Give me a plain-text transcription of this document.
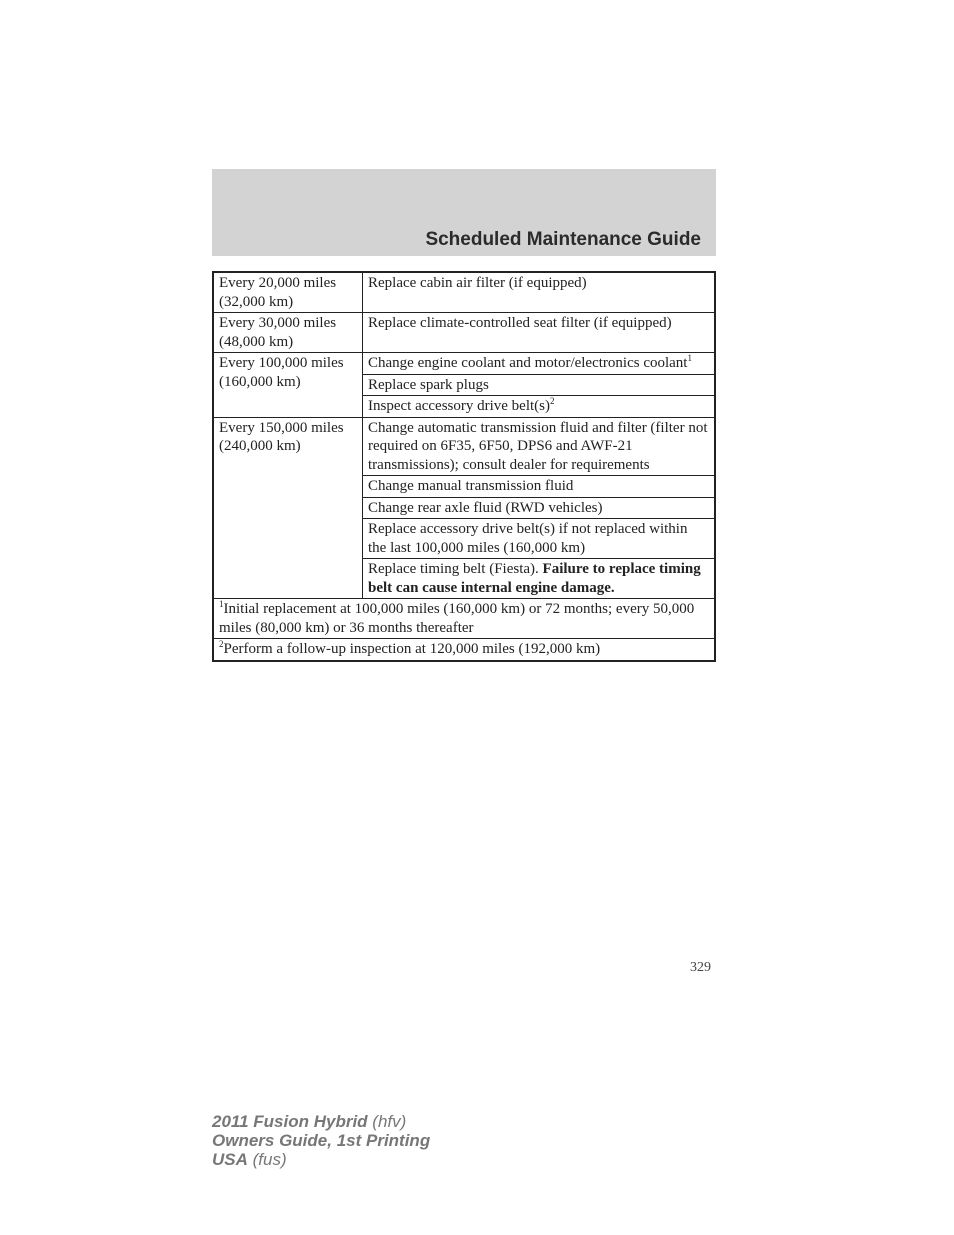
Scheduled Maintenance Guide
Every 20,000 miles (32,000 km)	Replace cabin air filter (if equipped)
Every 30,000 miles (48,000 km)	Replace climate-controlled seat filter (if equipped)
Every 100,000 miles (160,000 km)	Change engine coolant and motor/electronics coolant$^1$
	Replace spark plugs
	Inspect accessory drive $belt(s)^2$
Every 150,000 miles (240,000 km)	Change automatic transmission fluid and filter (filter not required on 6F35, 6F50, DPS6 and AWF-21 transmissions); consult dealer for requirements
	Change manual transmission fluid
	Change rear axle fluid (RWD vehicles)
	Replace accessory drive belt(s) if not replaced within the last 100,000 miles (160,000 km)
	Replace timing belt (Fiesta). Failure to replace timing belt can cause internal engine damage.
$^1$Initial replacement at 100,000 miles (160,000 km) or 72 months; every 50,000 miles (80,000 km) or 36 months thereafter	
$^2$Perform a follow-up inspection at 120,000 miles (192,000 km)	
329
2011 Fusion Hybrid (hfv)
Owners Guide, 1st Printing
USA (fus)
